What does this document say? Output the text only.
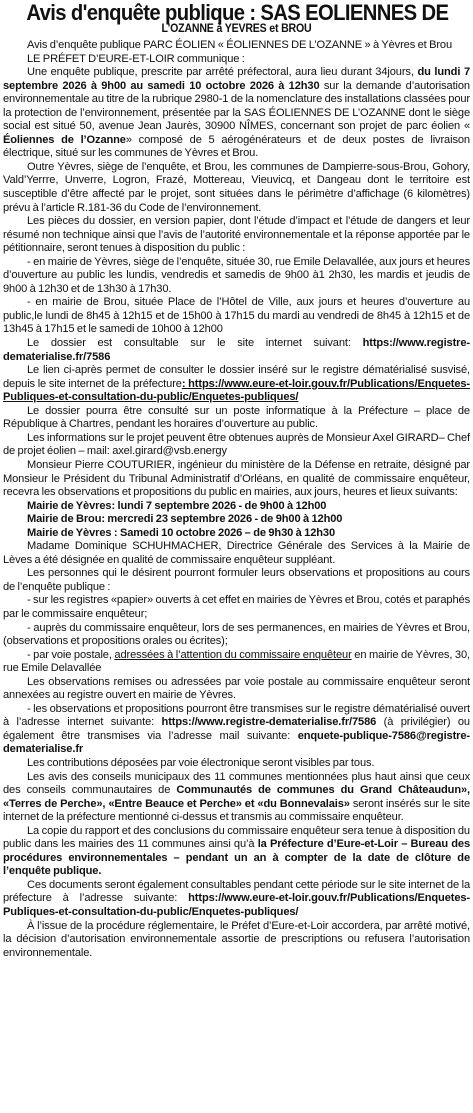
Avis d'enquête publique : SAS EOLIENNES DE
L'OZANNE à YEVRES et BROU

Avis d’enquête publique PARC ÉOLIEN « ÉOLIENNES DE L’OZANNE » à Yèvres et Brou

LE PRÉFET D’EURE-ET-LOIR communique :

Une enquête publique, prescrite par arrêté préfectoral, aura lieu durant 34jours, du lundi 7 septembre 2026 à 9h00 au samedi 10 octobre 2026 à 12h30 sur la demande d’autorisation environnementale au titre de la rubrique 2980-1 de la nomenclature des installations classées pour la protection de l’environnement, présentée par la SAS ÉOLIENNES DE L’OZANNE dont le siège social est situé 50, avenue Jean Jaurès, 30900 NÎMES, concernant son projet de parc éolien « Éoliennes de l’Ozanne» composé de 5 aérogénérateurs et de deux postes de livraison électrique, situé sur les communes de Yèvres et Brou.

Outre Yèvres, siège de l’enquête, et Brou, les communes de Dampierre-sous-Brou, Gohory, Vald’Yerrre, Unverre, Logron, Frazé, Mottereau, Vieuvicq, et Dangeau dont le territoire est susceptible d’être affecté par le projet, sont situées dans le périmètre d’affichage (6 kilomètres) prévu à l’article R.181-36 du Code de l’environnement.

Les pièces du dossier, en version papier, dont l’étude d’impact et l’étude de dangers et leur résumé non technique ainsi que l’avis de l’autorité environnementale et la réponse apportée par le pétitionnaire, seront tenues à disposition du public :

- en mairie de Yèvres, siège de l’enquête, située 30, rue Emile Delavallée, aux jours et heures d’ouverture au public les lundis, vendredis et samedis de 9h00 à1 2h30, les mardis et jeudis de 9h00 à 12h30 et de 13h30 à 17h30.

- en mairie de Brou, située Place de l’Hôtel de Ville, aux jours et heures d’ouverture au public,le lundi de 8h45 à 12h15 et de 15h00 à 17h15 du mardi au vendredi de 8h45 à 12h15 et de 13h45 à 17h15 et le samedi de 10h00 à 12h00

Le dossier est consultable sur le site internet suivant: https://www.registre-dematerialise.fr/7586

Le lien ci-après permet de consulter le dossier inséré sur le registre dématérialisé susvisé, depuis le site internet de la préfecture: https://www.eure-et-loir.gouv.fr/Publications/Enquetes-Publiques-et-consultation-du-public/Enquetes-publiques/

Le dossier pourra être consulté sur un poste informatique à la Préfecture – place de République à Chartres, pendant les horaires d’ouverture au public.

Les informations sur le projet peuvent être obtenues auprès de Monsieur Axel GIRARD– Chef de projet éolien – mail: axel.girard@vsb.energy

Monsieur Pierre COUTURIER, ingénieur du ministère de la Défense en retraite, désigné par Monsieur le Président du Tribunal Administratif d’Orléans, en qualité de commissaire enquêteur, recevra les observations et propositions du public en mairies, aux jours, heures et lieux suivants:

Mairie de Yèvres: lundi 7 septembre 2026 - de 9h00 à 12h00

Mairie de Brou: mercredi 23 septembre 2026 - de 9h00 à 12h00

Mairie de Yèvres : Samedi 10 octobre 2026 – de 9h30 à 12h30

Madame Dominique SCHUHMACHER, Directrice Générale des Services à la Mairie de Lèves a été désignée en qualité de commissaire enquêteur suppléant.

Les personnes qui le désirent pourront formuler leurs observations et propositions au cours de l’enquête publique :

- sur les registres «papier» ouverts à cet effet en mairies de Yèvres et Brou, cotés et paraphés par le commissaire enquêteur;

- auprès du commissaire enquêteur, lors de ses permanences, en mairies de Yèvres et Brou, (observations et propositions orales ou écrites);

- par voie postale, adressées à l’attention du commissaire enquêteur en mairie de Yèvres, 30, rue Emile Delavallée

Les observations remises ou adressées par voie postale au commissaire enquêteur seront annexées au registre ouvert en mairie de Yèvres.

- les observations et propositions pourront être transmises sur le registre dématérialisé ouvert à l’adresse internet suivante: https://www.registre-dematerialise.fr/7586 (à privilégier) ou également être transmises via l’adresse mail suivante: enquete-publique-7586@registre-dematerialise.fr

Les contributions déposées par voie électronique seront visibles par tous.

Les avis des conseils municipaux des 11 communes mentionnées plus haut ainsi que ceux des conseils communautaires de Communautés de communes du Grand Châteaudun», «Terres de Perche», «Entre Beauce et Perche» et «du Bonnevalais» seront insérés sur le site internet de la préfecture mentionné ci-dessus et transmis au commissaire enquêteur.

La copie du rapport et des conclusions du commissaire enquêteur sera tenue à disposition du public dans les mairies des 11 communes ainsi qu’à la Préfecture d’Eure-et-Loir – Bureau des procédures environnementales – pendant un an à compter de la date de clôture de l’enquête publique.

Ces documents seront également consultables pendant cette période sur le site internet de la préfecture à l’adresse suivante: https://www.eure-et-loir.gouv.fr/Publications/Enquetes-Publiques-et-consultation-du-public/Enquetes-publiques/

À l’issue de la procédure réglementaire, le Préfet d’Eure-et-Loir accordera, par arrêté motivé, la décision d’autorisation environnementale assortie de prescriptions ou refusera l’autorisation environnementale.
